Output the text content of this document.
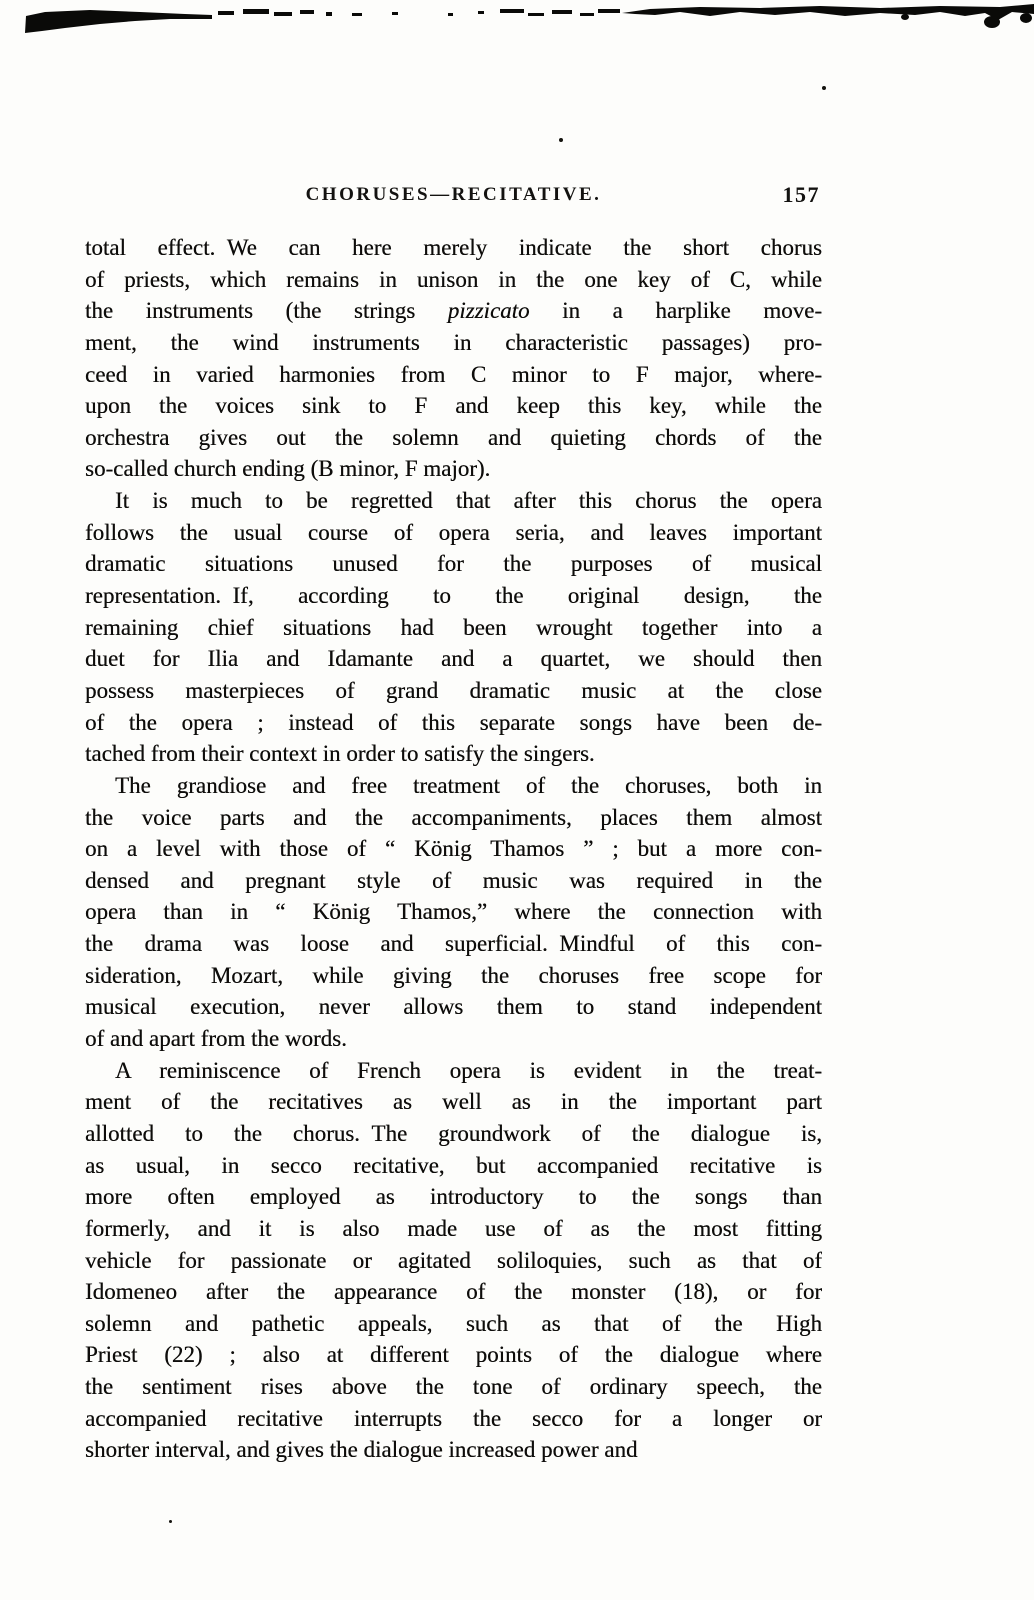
CHORUSES—RECITATIVE.	157
total effect. We can here merely indicate the short chorus
of priests, which remains in unison in the one key of C, while
the instruments (the strings pizzicato in a harplike move-
ment, the wind instruments in characteristic passages) pro-
ceed in varied harmonies from C minor to F major, where-
upon the voices sink to F and keep this key, while the
orchestra gives out the solemn and quieting chords of the
so-called church ending (B minor, F major).
It is much to be regretted that after this chorus the opera
follows the usual course of opera seria, and leaves important
dramatic situations unused for the purposes of musical
representation. If, according to the original design, the
remaining chief situations had been wrought together into a
duet for Ilia and Idamante and a quartet, we should then
possess masterpieces of grand dramatic music at the close
of the opera ; instead of this separate songs have been de-
tached from their context in order to satisfy the singers.
The grandiose and free treatment of the choruses, both in
the voice parts and the accompaniments, places them almost
on a level with those of “ König Thamos ” ; but a more con-
densed and pregnant style of music was required in the
opera than in “ König Thamos,” where the connection with
the drama was loose and superficial. Mindful of this con-
sideration, Mozart, while giving the choruses free scope for
musical execution, never allows them to stand independent
of and apart from the words.
A reminiscence of French opera is evident in the treat-
ment of the recitatives as well as in the important part
allotted to the chorus. The groundwork of the dialogue is,
as usual, in secco recitative, but accompanied recitative is
more often employed as introductory to the songs than
formerly, and it is also made use of as the most fitting
vehicle for passionate or agitated soliloquies, such as that of
Idomeneo after the appearance of the monster (18), or for
solemn and pathetic appeals, such as that of the High
Priest (22) ; also at different points of the dialogue where
the sentiment rises above the tone of ordinary speech, the
accompanied recitative interrupts the secco for a longer or
shorter interval, and gives the dialogue increased power and
